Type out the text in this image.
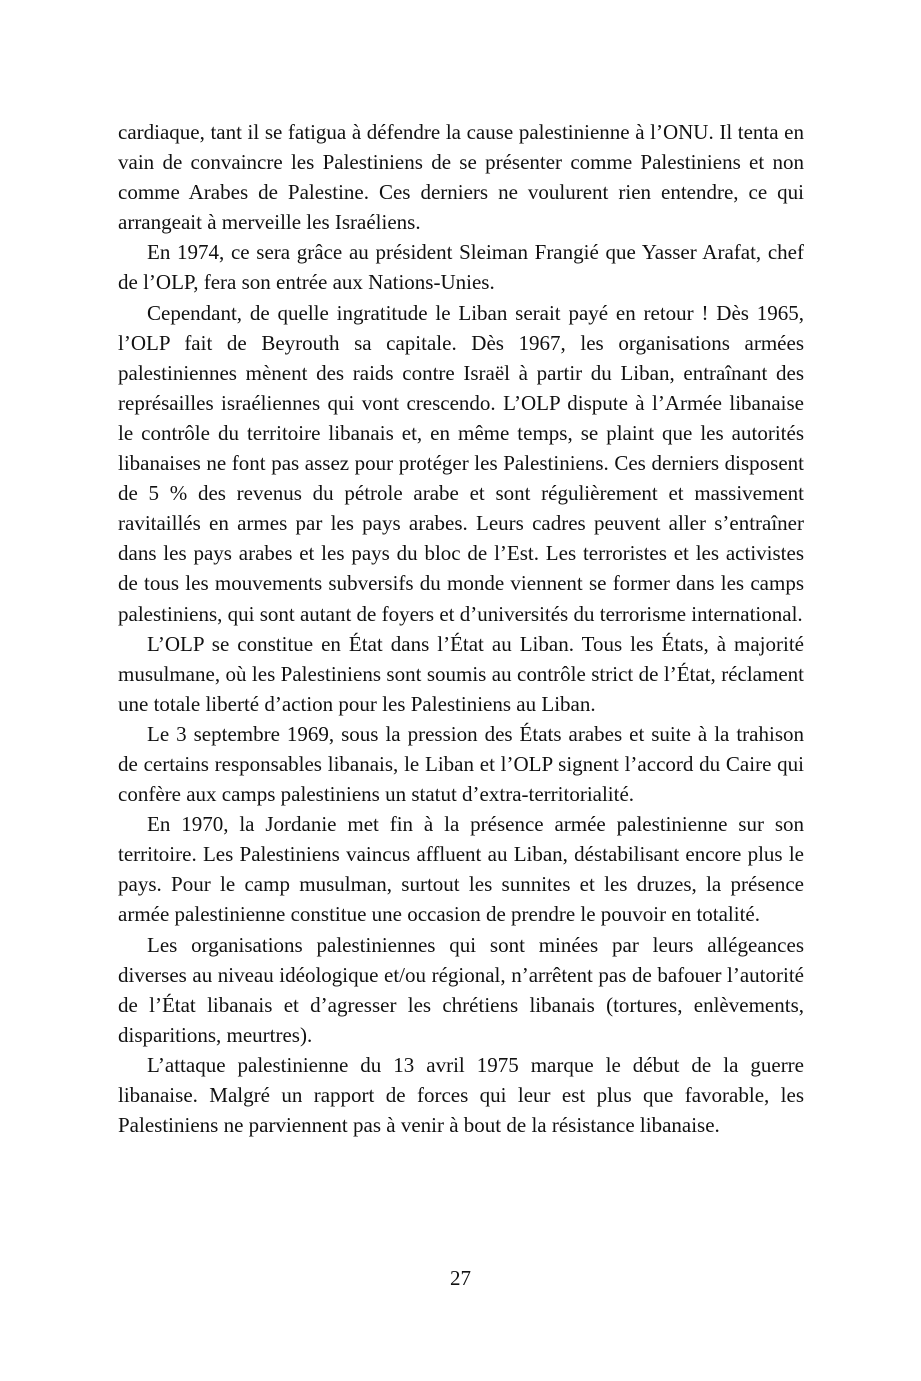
cardiaque, tant il se fatigua à défendre la cause palestinienne à l’ONU. Il tenta en vain de convaincre les Palestiniens de se présenter comme Palestiniens et non comme Arabes de Palestine. Ces derniers ne voulurent rien entendre, ce qui arrangeait à merveille les Israéliens.

En 1974, ce sera grâce au président Sleiman Frangié que Yasser Arafat, chef de l’OLP, fera son entrée aux Nations-Unies.

Cependant, de quelle ingratitude le Liban serait payé en retour ! Dès 1965, l’OLP fait de Beyrouth sa capitale. Dès 1967, les organisations armées palestiniennes mènent des raids contre Israël à partir du Liban, entraînant des représailles israéliennes qui vont crescendo. L’OLP dispute à l’Armée libanaise le contrôle du territoire libanais et, en même temps, se plaint que les autorités libanaises ne font pas assez pour protéger les Palestiniens. Ces derniers disposent de 5 % des revenus du pétrole arabe et sont régulièrement et massivement ravitaillés en armes par les pays arabes. Leurs cadres peuvent aller s’entraîner dans les pays arabes et les pays du bloc de l’Est. Les terroristes et les activistes de tous les mouvements subversifs du monde viennent se former dans les camps palestiniens, qui sont autant de foyers et d’universités du terrorisme international.

L’OLP se constitue en État dans l’État au Liban. Tous les États, à majorité musulmane, où les Palestiniens sont soumis au contrôle strict de l’État, réclament une totale liberté d’action pour les Palestiniens au Liban.

Le 3 septembre 1969, sous la pression des États arabes et suite à la trahison de certains responsables libanais, le Liban et l’OLP signent l’accord du Caire qui confère aux camps palestiniens un statut d’extra-territorialité.

En 1970, la Jordanie met fin à la présence armée palestinienne sur son territoire. Les Palestiniens vaincus affluent au Liban, déstabilisant encore plus le pays. Pour le camp musulman, surtout les sunnites et les druzes, la présence armée palestinienne constitue une occasion de prendre le pouvoir en totalité.

Les organisations palestiniennes qui sont minées par leurs allégeances diverses au niveau idéologique et/ou régional, n’arrêtent pas de bafouer l’autorité de l’État libanais et d’agresser les chrétiens libanais (tortures, enlèvements, disparitions, meurtres).

L’attaque palestinienne du 13 avril 1975 marque le début de la guerre libanaise. Malgré un rapport de forces qui leur est plus que favorable, les Palestiniens ne parviennent pas à venir à bout de la résistance libanaise.

27
